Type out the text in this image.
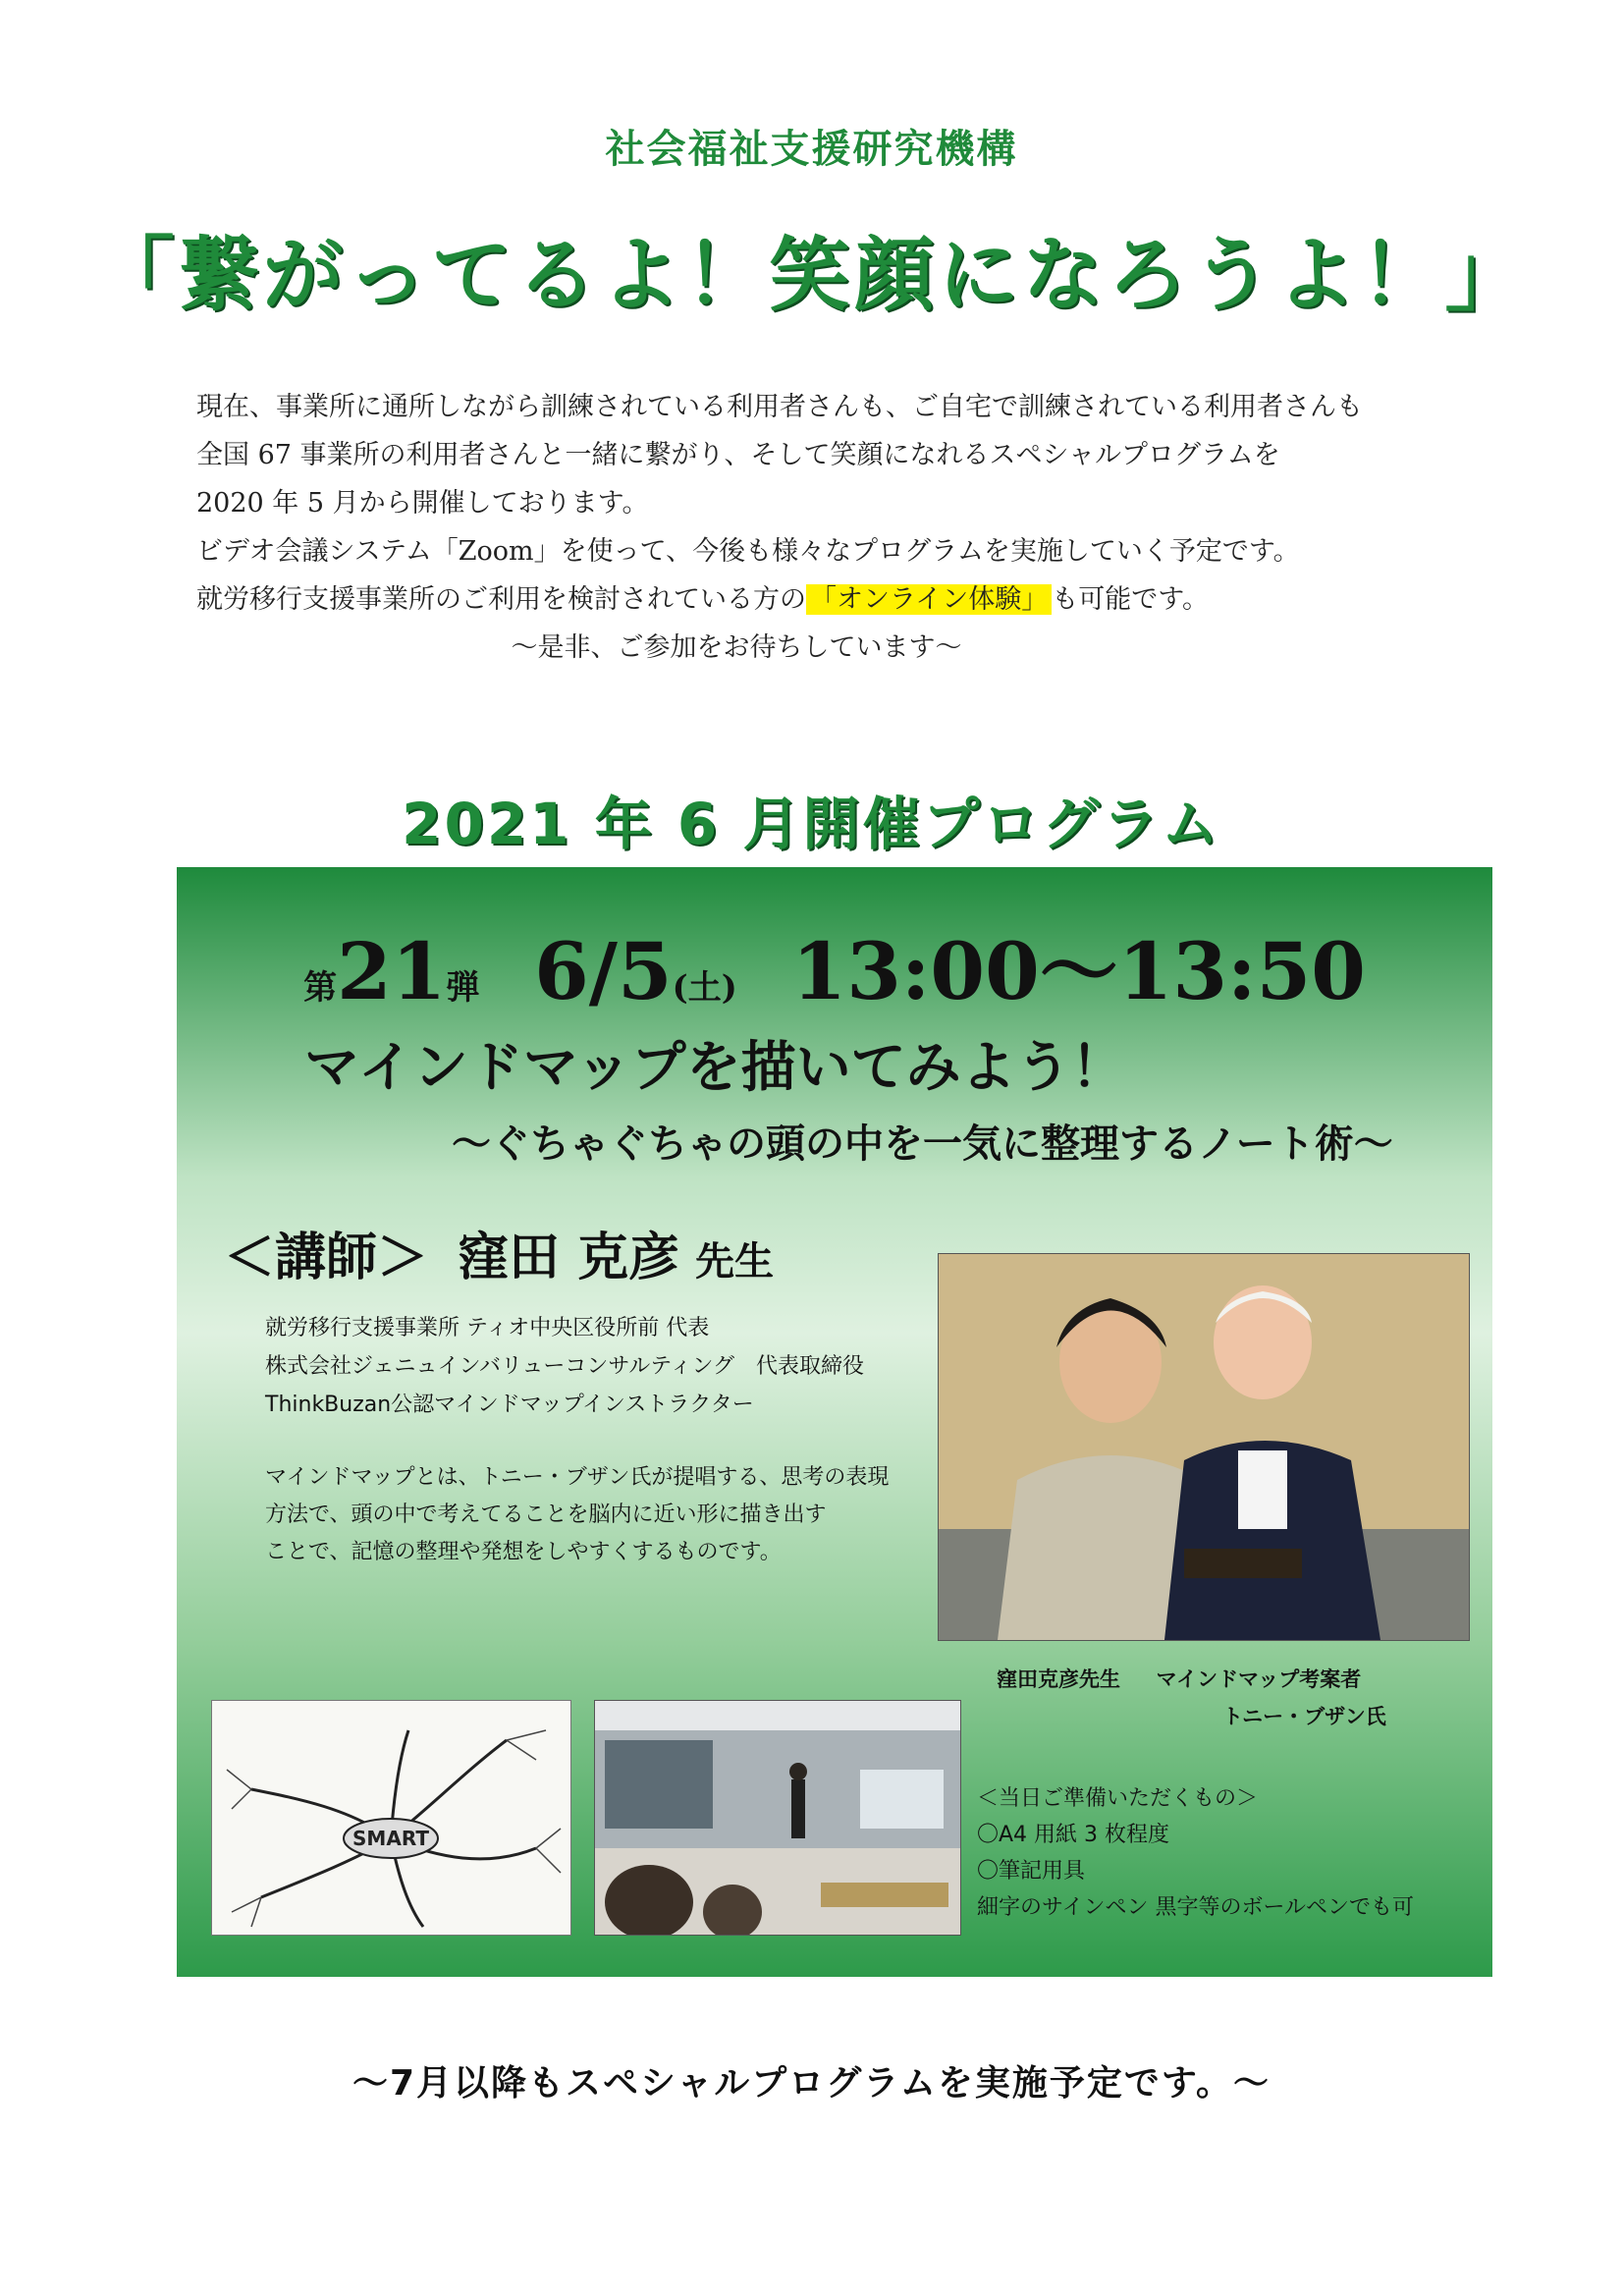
社会福祉支援研究機構
「繋がってるよ！笑顔になろうよ！」
現在、事業所に通所しながら訓練されている利用者さんも、ご自宅で訓練されている利用者さんも
全国 67 事業所の利用者さんと一緒に繋がり、そして笑顔になれるスペシャルプログラムを
2020 年 5 月から開催しております。
ビデオ会議システム「Zoom」を使って、今後も様々なプログラムを実施していく予定です。
就労移行支援事業所のご利用を検討されている方の 「オンライン体験」 も可能です。
～是非、ご参加をお待ちしています～
2021 年 6 月開催プログラム
第21弾 6/5(土) 13:00～13:50
マインドマップを描いてみよう！
～ぐちゃぐちゃの頭の中を一気に整理するノート術～
＜講師＞ 窪田 克彦 先生
就労移行支援事業所 ティオ中央区役所前 代表
株式会社ジェニュインバリューコンサルティング　代表取締役
ThinkBuzan公認マインドマップインストラクター
マインドマップとは、トニー・ブザン氏が提唱する、思考の表現
方法で、頭の中で考えてることを脳内に近い形に描き出す
ことで、記憶の整理や発想をしやすくするものです。
窪田克彦先生 マインドマップ考案者
トニー・ブザン氏
SMART
＜当日ご準備いただくもの＞
〇A4 用紙 3 枚程度
〇筆記用具
細字のサインペン 黒字等のボールペンでも可
～7月以降もスペシャルプログラムを実施予定です。～
